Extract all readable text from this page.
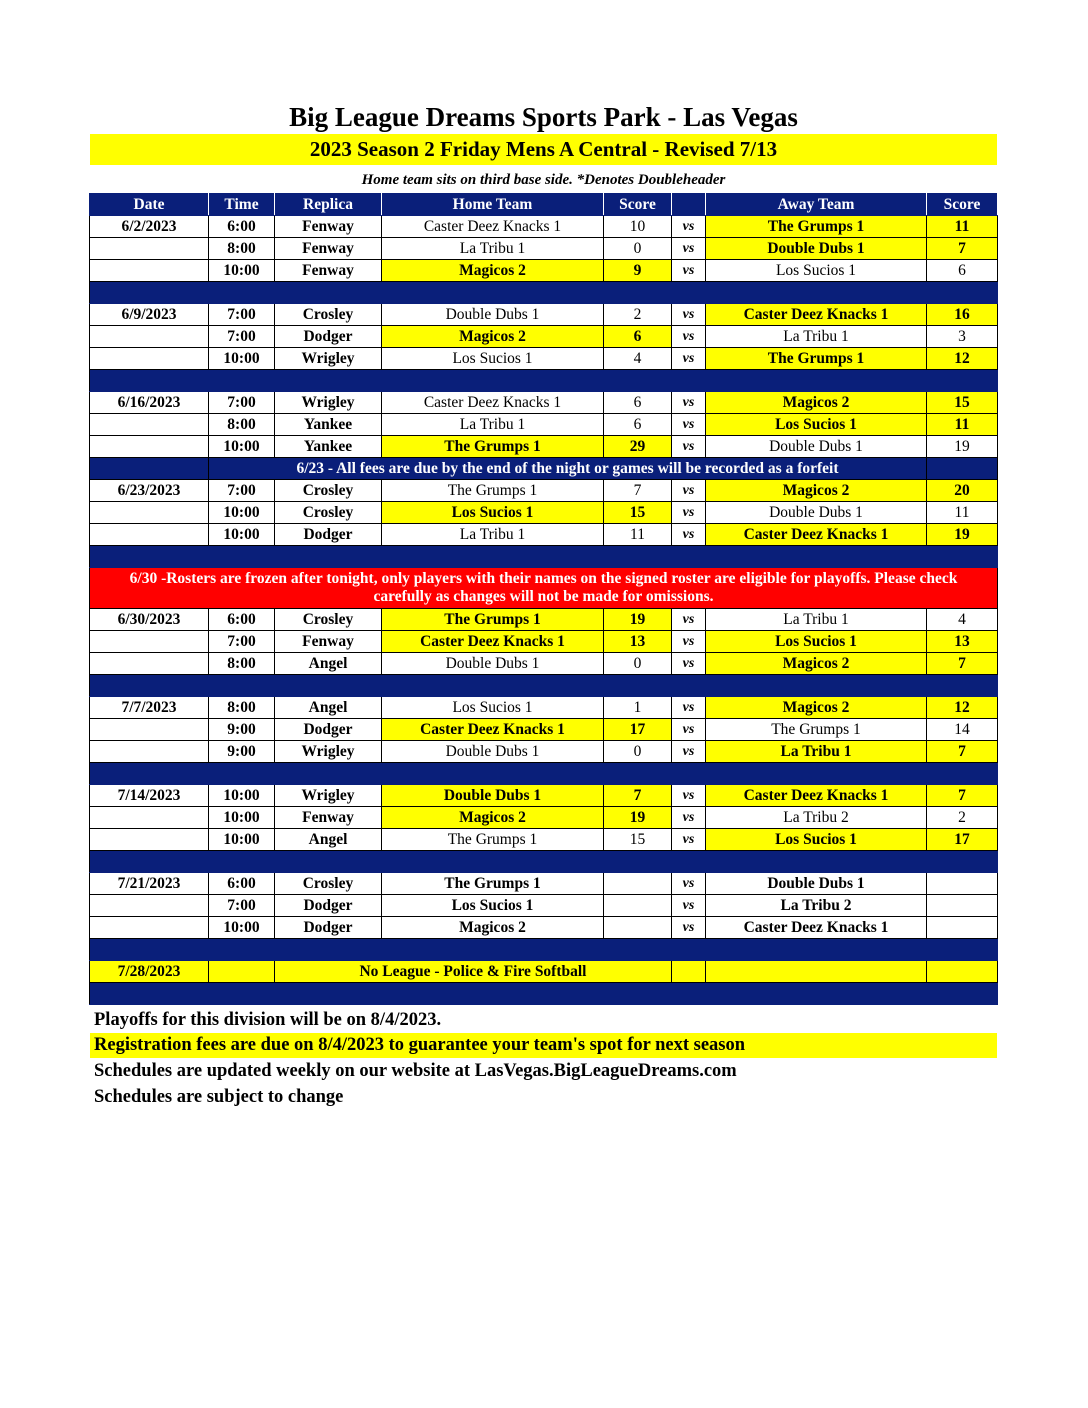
Big League Dreams Sports Park - Las Vegas
2023 Season 2 Friday Mens A Central - Revised 7/13
Home team sits on third base side. *Denotes Doubleheader
Date	Time	Replica	Home Team	Score		Away Team	Score
6/2/2023	6:00	Fenway	Caster Deez Knacks 1	10	vs	The Grumps 1	11
	8:00	Fenway	La Tribu 1	0	vs	Double Dubs 1	7
	10:00	Fenway	Magicos 2	9	vs	Los Sucios 1	6

6/9/2023	7:00	Crosley	Double Dubs 1	2	vs	Caster Deez Knacks 1	16
	7:00	Dodger	Magicos 2	6	vs	La Tribu 1	3
	10:00	Wrigley	Los Sucios 1	4	vs	The Grumps 1	12

6/16/2023	7:00	Wrigley	Caster Deez Knacks 1	6	vs	Magicos 2	15
	8:00	Yankee	La Tribu 1	6	vs	Los Sucios 1	11
	10:00	Yankee	The Grumps 1	29	vs	Double Dubs 1	19
	6/23 - All fees are due by the end of the night or games will be recorded as a forfeit						
6/23/2023	7:00	Crosley	The Grumps 1	7	vs	Magicos 2	20
	10:00	Crosley	Los Sucios 1	15	vs	Double Dubs 1	11
	10:00	Dodger	La Tribu 1	11	vs	Caster Deez Knacks 1	19

6/30 -Rosters are frozen after tonight, only players with their names on the signed roster are eligible for playoffs. Please check carefully as changes will not be made for omissions.							
6/30/2023	6:00	Crosley	The Grumps 1	19	vs	La Tribu 1	4
	7:00	Fenway	Caster Deez Knacks 1	13	vs	Los Sucios 1	13
	8:00	Angel	Double Dubs 1	0	vs	Magicos 2	7

7/7/2023	8:00	Angel	Los Sucios 1	1	vs	Magicos 2	12
	9:00	Dodger	Caster Deez Knacks 1	17	vs	The Grumps 1	14
	9:00	Wrigley	Double Dubs 1	0	vs	La Tribu 1	7

7/14/2023	10:00	Wrigley	Double Dubs 1	7	vs	Caster Deez Knacks 1	7
	10:00	Fenway	Magicos 2	19	vs	La Tribu 2	2
	10:00	Angel	The Grumps 1	15	vs	Los Sucios 1	17

7/21/2023	6:00	Crosley	The Grumps 1		vs	Double Dubs 1	
	7:00	Dodger	Los Sucios 1		vs	La Tribu 2	
	10:00	Dodger	Magicos 2		vs	Caster Deez Knacks 1	

7/28/2023		No League - Police & Fire Softball					

Playoffs for this division will be on 8/4/2023.
Registration fees are due on 8/4/2023 to guarantee your team's spot for next season
Schedules are updated weekly on our website at LasVegas.BigLeagueDreams.com
Schedules are subject to change
